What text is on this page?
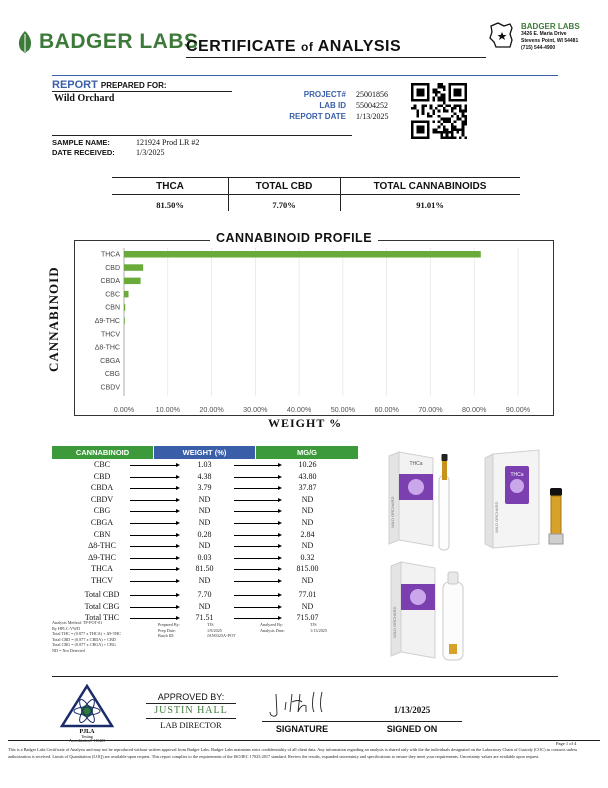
BADGER LABS
CERTIFICATE of ANALYSIS
BADGER LABS
3426 E. Maria Drive
Stevens Point, WI 54481
(715) 544-4900
REPORT PREPARED FOR:
Wild Orchard	PROJECT# 25001856
LAB ID 55004252
REPORT DATE 1/13/2025
SAMPLE NAME:	121924 Prod LR #2
DATE RECEIVED:	1/3/2025
THCA	TOTAL CBD	TOTAL CANNABINOIDS
81.50%	7.70%	91.01%
CANNABINOID PROFILE
CANNABINOID
WEIGHT %
0.00%	10.00%	20.00%	30.00%	40.00%	50.00%	60.00%	70.00%	80.00%	90.00%
THCA
CBD
CBDA
CBC
CBN
Δ9-THC
THCV
Δ8-THC
CBGA
CBG
CBDV
CANNABINOID	WEIGHT (%)	MG/G
CBC	1.03	10.26
CBD	4.38	43.80
CBDA	3.79	37.87
CBDV	ND	ND
CBG	ND	ND
CBGA	ND	ND
CBN	0.28	2.84
Δ8-THC	ND	ND
Δ9-THC	0.03	0.32
THCA	81.50	815.00
THCV	ND	ND
Total CBD	7.70	77.01
Total CBG	ND	ND
Total THC	71.51	715.07
Analysis Method: TP-POT-01
By HPLC-VWD
Total THC = (0.877 x THCA) + Δ9-THC
Total CBD = (0.877 x CBDA) + CBD
Total CBG = (0.877 x CBGA) + CBG
ND = Not Detected
Prepared By:
Prep Date:
Batch ID:
TJS
1/9/2025
JAN0325A-POT
Analyzed By:
Analysis Date:
TJS
1/13/2025
THCa
WILD ORCHARD
THCa
WILD ORCHARD
WILD ORCHARD
PJLA
Testing
APPROVED BY:
JUSTIN HALL
LAB DIRECTOR	SIGNATURE
1/13/2025
SIGNED ON
Page 1 of 4
This is a Badger Labs Certificate of Analysis and may not be reproduced without written approval from Badger Labs. Badger Labs maintains strict confidentiality of all client data. Any information regarding an analysis is shared only with the the individuals designated on the Laboratory Chain of Custody (COC) as contacts unless authorization is received. Limits of Quantitation (LOQ) are available upon request. This report complies to the requirements of the ISO/IEC 17025:2017 standard. Review the results, expanded uncertainty and specifications to ensure they meet your requirements. Uncertainty values are available upon request.
